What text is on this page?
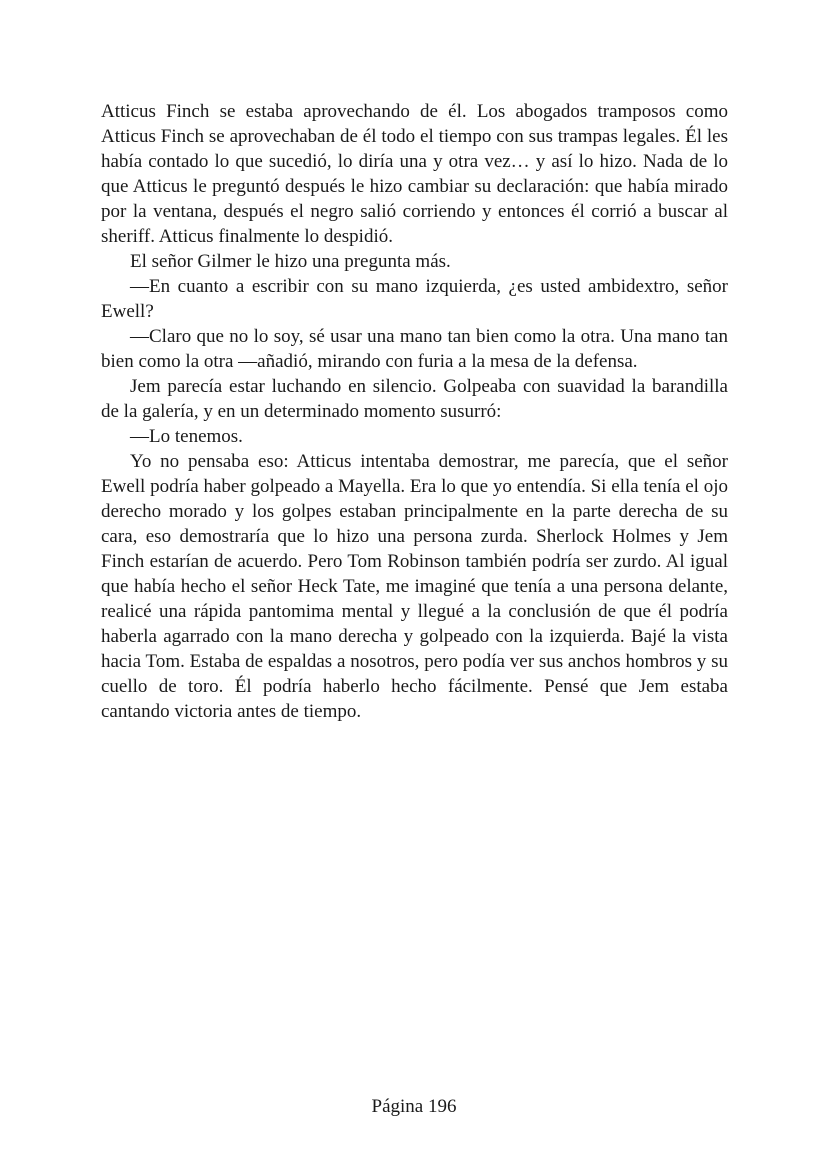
Atticus Finch se estaba aprovechando de él. Los abogados tramposos como Atticus Finch se aprovechaban de él todo el tiempo con sus trampas legales. Él les había contado lo que sucedió, lo diría una y otra vez… y así lo hizo. Nada de lo que Atticus le preguntó después le hizo cambiar su declaración: que había mirado por la ventana, después el negro salió corriendo y entonces él corrió a buscar al sheriff. Atticus finalmente lo despidió.

El señor Gilmer le hizo una pregunta más.

—En cuanto a escribir con su mano izquierda, ¿es usted ambidextro, señor Ewell?

—Claro que no lo soy, sé usar una mano tan bien como la otra. Una mano tan bien como la otra —añadió, mirando con furia a la mesa de la defensa.

Jem parecía estar luchando en silencio. Golpeaba con suavidad la barandilla de la galería, y en un determinado momento susurró:

—Lo tenemos.

Yo no pensaba eso: Atticus intentaba demostrar, me parecía, que el señor Ewell podría haber golpeado a Mayella. Era lo que yo entendía. Si ella tenía el ojo derecho morado y los golpes estaban principalmente en la parte derecha de su cara, eso demostraría que lo hizo una persona zurda. Sherlock Holmes y Jem Finch estarían de acuerdo. Pero Tom Robinson también podría ser zurdo. Al igual que había hecho el señor Heck Tate, me imaginé que tenía a una persona delante, realicé una rápida pantomima mental y llegué a la conclusión de que él podría haberla agarrado con la mano derecha y golpeado con la izquierda. Bajé la vista hacia Tom. Estaba de espaldas a nosotros, pero podía ver sus anchos hombros y su cuello de toro. Él podría haberlo hecho fácilmente. Pensé que Jem estaba cantando victoria antes de tiempo.

Página 196
